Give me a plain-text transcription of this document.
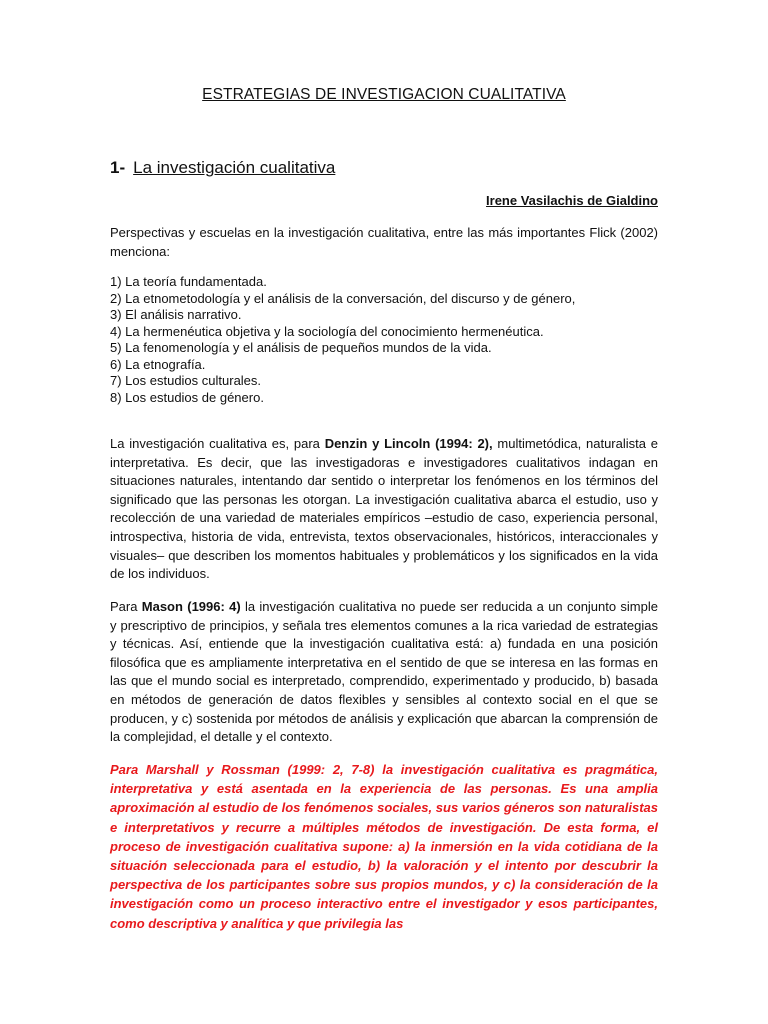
ESTRATEGIAS DE INVESTIGACION CUALITATIVA
1- La investigación cualitativa

Irene Vasilachis de Gialdino

Perspectivas y escuelas en la investigación cualitativa, entre las más importantes Flick (2002) menciona:

1) La teoría fundamentada.
2) La etnometodología y el análisis de la conversación, del discurso y de género,
3) El análisis narrativo.
4) La hermenéutica objetiva y la sociología del conocimiento hermenéutica.
5) La fenomenología y el análisis de pequeños mundos de la vida.
6) La etnografía.
7) Los estudios culturales.
8) Los estudios de género.

La investigación cualitativa es, para Denzin y Lincoln (1994: 2), multimetódica, naturalista e interpretativa. Es decir, que las investigadoras e investigadores cualitativos indagan en situaciones naturales, intentando dar sentido o interpretar los fenómenos en los términos del significado que las personas les otorgan. La investigación cualitativa abarca el estudio, uso y recolección de una variedad de materiales empíricos –estudio de caso, experiencia personal, introspectiva, historia de vida, entrevista, textos observacionales, históricos, interaccionales y visuales– que describen los momentos habituales y problemáticos y los significados en la vida de los individuos.

Para Mason (1996: 4) la investigación cualitativa no puede ser reducida a un conjunto simple y prescriptivo de principios, y señala tres elementos comunes a la rica variedad de estrategias y técnicas. Así, entiende que la investigación cualitativa está: a) fundada en una posición filosófica que es ampliamente interpretativa en el sentido de que se interesa en las formas en las que el mundo social es interpretado, comprendido, experimentado y producido, b) basada en métodos de generación de datos flexibles y sensibles al contexto social en el que se producen, y c) sostenida por métodos de análisis y explicación que abarcan la comprensión de la complejidad, el detalle y el contexto.

Para Marshall y Rossman (1999: 2, 7-8) la investigación cualitativa es pragmática, interpretativa y está asentada en la experiencia de las personas. Es una amplia aproximación al estudio de los fenómenos sociales, sus varios géneros son naturalistas e interpretativos y recurre a múltiples métodos de investigación. De esta forma, el proceso de investigación cualitativa supone: a) la inmersión en la vida cotidiana de la situación seleccionada para el estudio, b) la valoración y el intento por descubrir la perspectiva de los participantes sobre sus propios mundos, y c) la consideración de la investigación como un proceso interactivo entre el investigador y esos participantes, como descriptiva y analítica y que privilegia las
